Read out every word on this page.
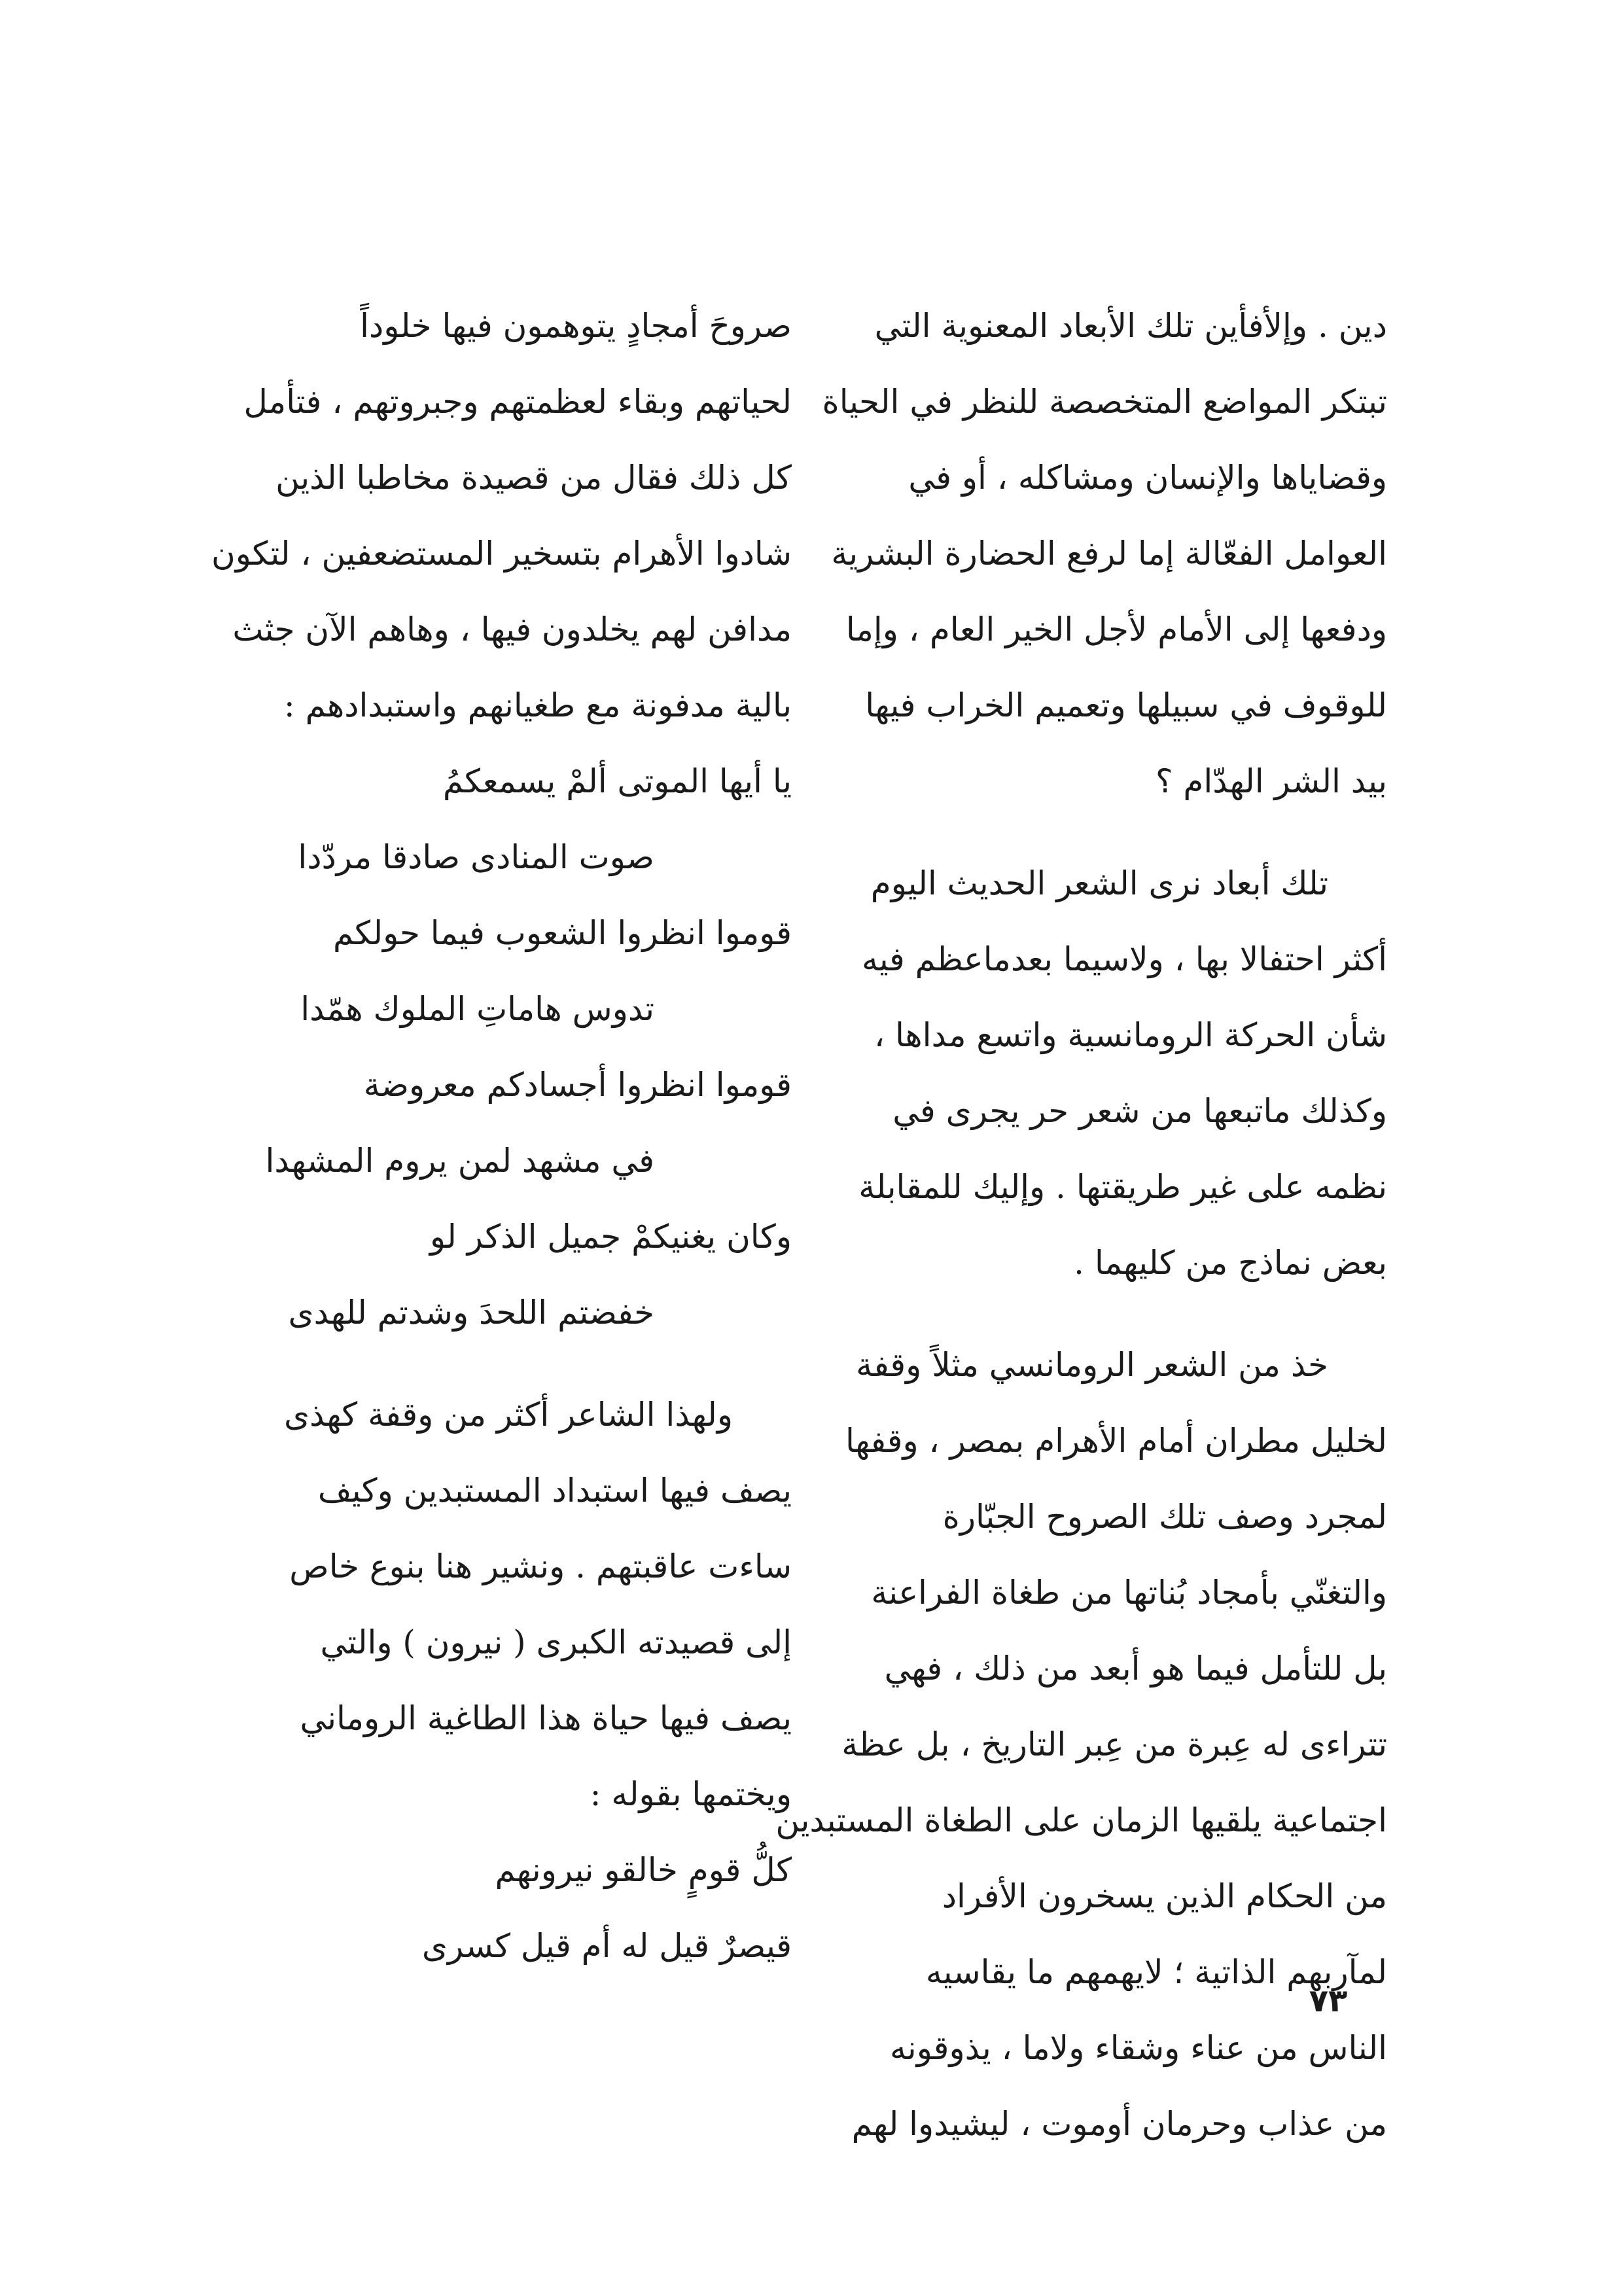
دين . وإلأفأين تلك الأبعاد المعنوية التي
تبتكر المواضع المتخصصة للنظر في الحياة
وقضاياها والإنسان ومشاكله ، أو في
العوامل الفعّالة إما لرفع الحضارة البشرية
ودفعها إلى الأمام لأجل الخير العام ، وإما
للوقوف في سبيلها وتعميم الخراب فيها
بيد الشر الهدّام ؟
تلك أبعاد نرى الشعر الحديث اليوم
أكثر احتفالا بها ، ولاسيما بعدماعظم فيه
شأن الحركة الرومانسية واتسع مداها ،
وكذلك ماتبعها من شعر حر يجرى في
نظمه على غير طريقتها . وإليك للمقابلة
بعض نماذج من كليهما .
خذ من الشعر الرومانسي مثلاً وقفة
لخليل مطران أمام الأهرام بمصر ، وقفها
لمجرد وصف تلك الصروح الجبّارة
والتغنّي بأمجاد بُناتها من طغاة الفراعنة
بل للتأمل فيما هو أبعد من ذلك ، فهي
تتراءى له عِبرة من عِبر التاريخ ، بل عظة
اجتماعية يلقيها الزمان على الطغاة المستبدين
من الحكام الذين يسخرون الأفراد
لمآربهم الذاتية ؛ لايهمهم ما يقاسيه
الناس من عناء وشقاء ولاما ، يذوقونه
من عذاب وحرمان أوموت ، ليشيدوا لهم
صروحَ أمجادٍ يتوهمون فيها خلوداً
لحياتهم وبقاء لعظمتهم وجبروتهم ، فتأمل
كل ذلك فقال من قصيدة مخاطبا الذين
شادوا الأهرام بتسخير المستضعفين ، لتكون
مدافن لهم يخلدون فيها ، وهاهم الآن جثث
بالية مدفونة مع طغيانهم واستبدادهم :
يا أيها الموتى ألمْ يسمعكمُ
صوت المنادى صادقا مردّدا
قوموا انظروا الشعوب فيما حولكم
تدوس هاماتِ الملوك همّدا
قوموا انظروا أجسادكم معروضة
في مشهد لمن يروم المشهدا
وكان يغنيكمْ جميل الذكر لو
خفضتم اللحدَ وشدتم للهدى
ولهذا الشاعر أكثر من وقفة كهذى
يصف فيها استبداد المستبدين وكيف
ساءت عاقبتهم . ونشير هنا بنوع خاص
إلى قصيدته الكبرى ( نيرون ) والتي
يصف فيها حياة هذا الطاغية الروماني
ويختمها بقوله :
كلُّ قومٍ خالقو نيرونهم
قيصرٌ قيل له أم قيل كسرى
٧٣
